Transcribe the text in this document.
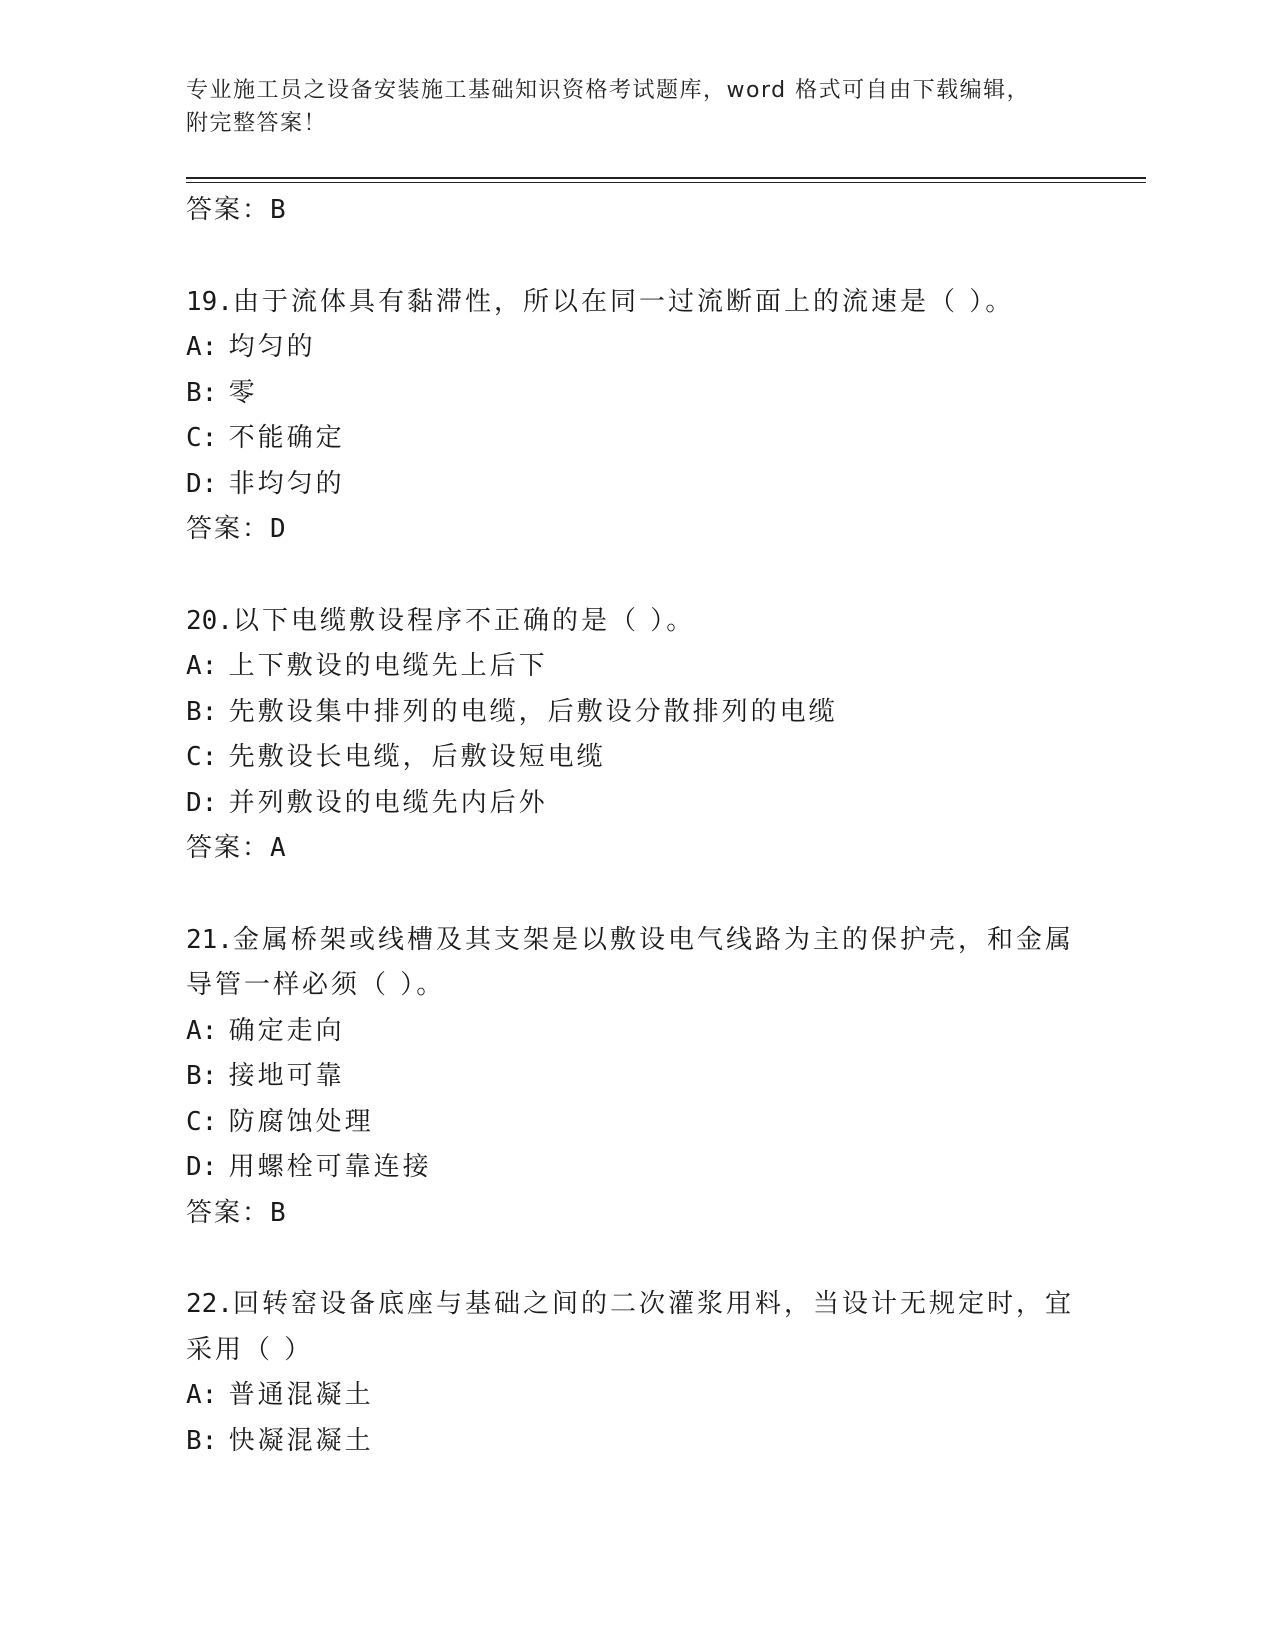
专业施工员之设备安装施工基础知识资格考试题库，word 格式可自由下载编辑，
附完整答案！
答案：B
19.由于流体具有黏滞性，所以在同一过流断面上的流速是（ ）。
A: 均匀的
B: 零
C: 不能确定
D: 非均匀的
答案：D
20.以下电缆敷设程序不正确的是（ ）。
A: 上下敷设的电缆先上后下
B: 先敷设集中排列的电缆，后敷设分散排列的电缆
C: 先敷设长电缆，后敷设短电缆
D: 并列敷设的电缆先内后外
答案：A
21.金属桥架或线槽及其支架是以敷设电气线路为主的保护壳，和金属
导管一样必须（ ）。
A: 确定走向
B: 接地可靠
C: 防腐蚀处理
D: 用螺栓可靠连接
答案：B
22.回转窑设备底座与基础之间的二次灌浆用料，当设计无规定时，宜
采用（ ）
A: 普通混凝土
B: 快凝混凝土
